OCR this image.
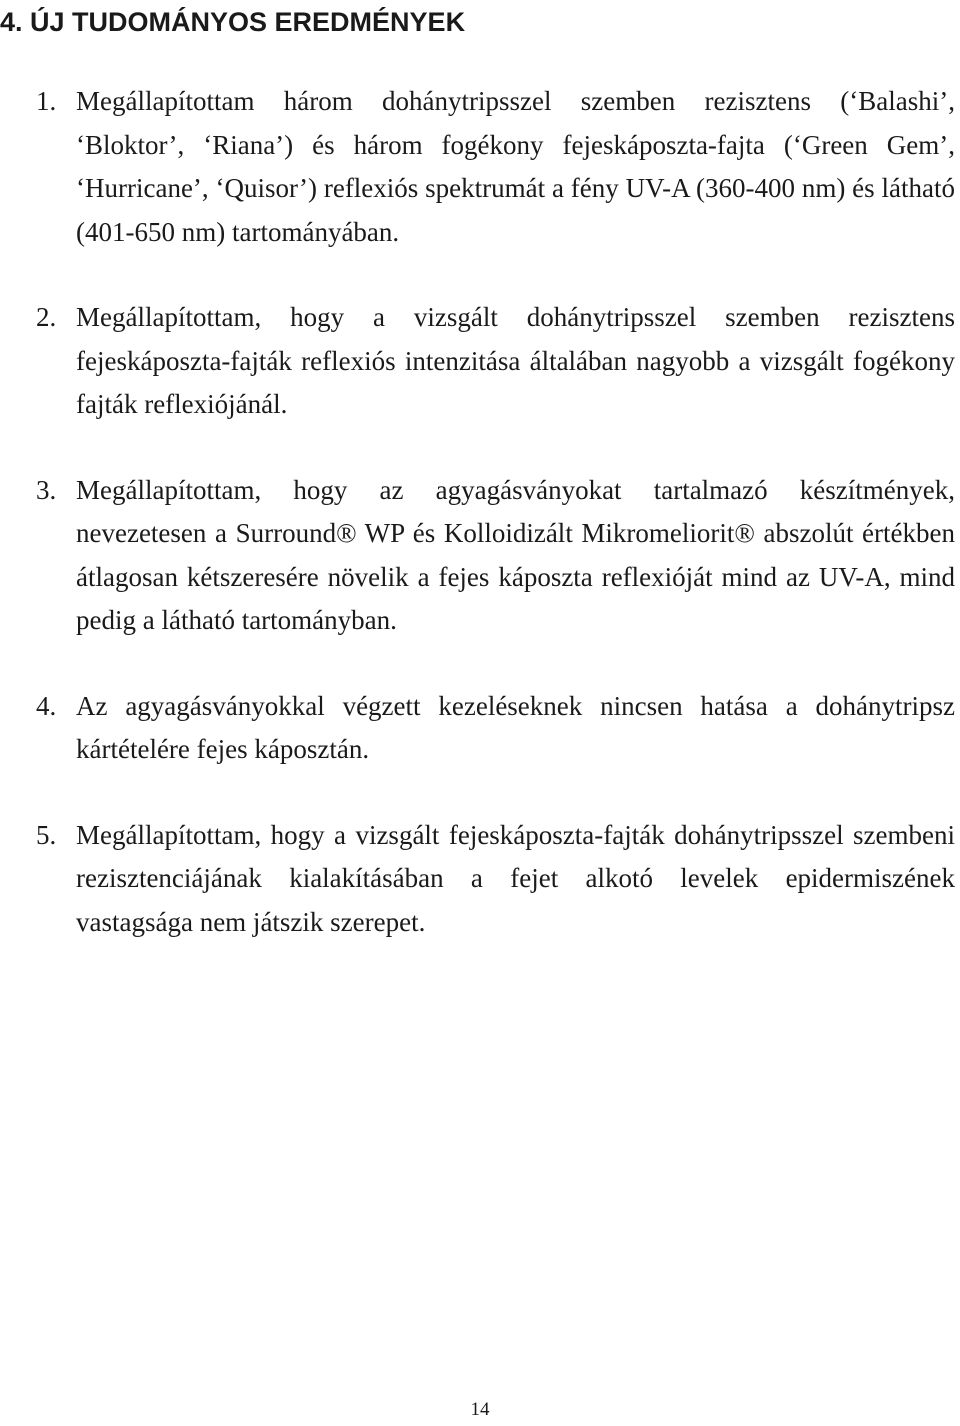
4. ÚJ TUDOMÁNYOS EREDMÉNYEK
1. Megállapítottam három dohánytripsszel szemben rezisztens (‘Balashi’, ‘Bloktor’, ‘Riana’) és három fogékony fejeskáposzta-fajta (‘Green Gem’, ‘Hurricane’, ‘Quisor’) reflexiós spektrumát a fény UV-A (360-400 nm) és látható (401-650 nm) tartományában.
2. Megállapítottam, hogy a vizsgált dohánytripsszel szemben rezisztens fejeskáposzta-fajták reflexiós intenzitása általában nagyobb a vizsgált fogékony fajták reflexiójánál.
3. Megállapítottam, hogy az agyagásványokat tartalmazó készítmények, nevezetesen a Surround® WP és Kolloidizált Mikromeliorit® abszolút értékben átlagosan kétszeresére növelik a fejes káposzta reflexióját mind az UV-A, mind pedig a látható tartományban.
4. Az agyagásványokkal végzett kezeléseknek nincsen hatása a dohánytripsz kártételére fejes káposztán.
5. Megállapítottam, hogy a vizsgált fejeskáposzta-fajták dohánytripsszel szembeni rezisztenciájának kialakításában a fejet alkotó levelek epidermiszének vastagsága nem játszik szerepet.

14
